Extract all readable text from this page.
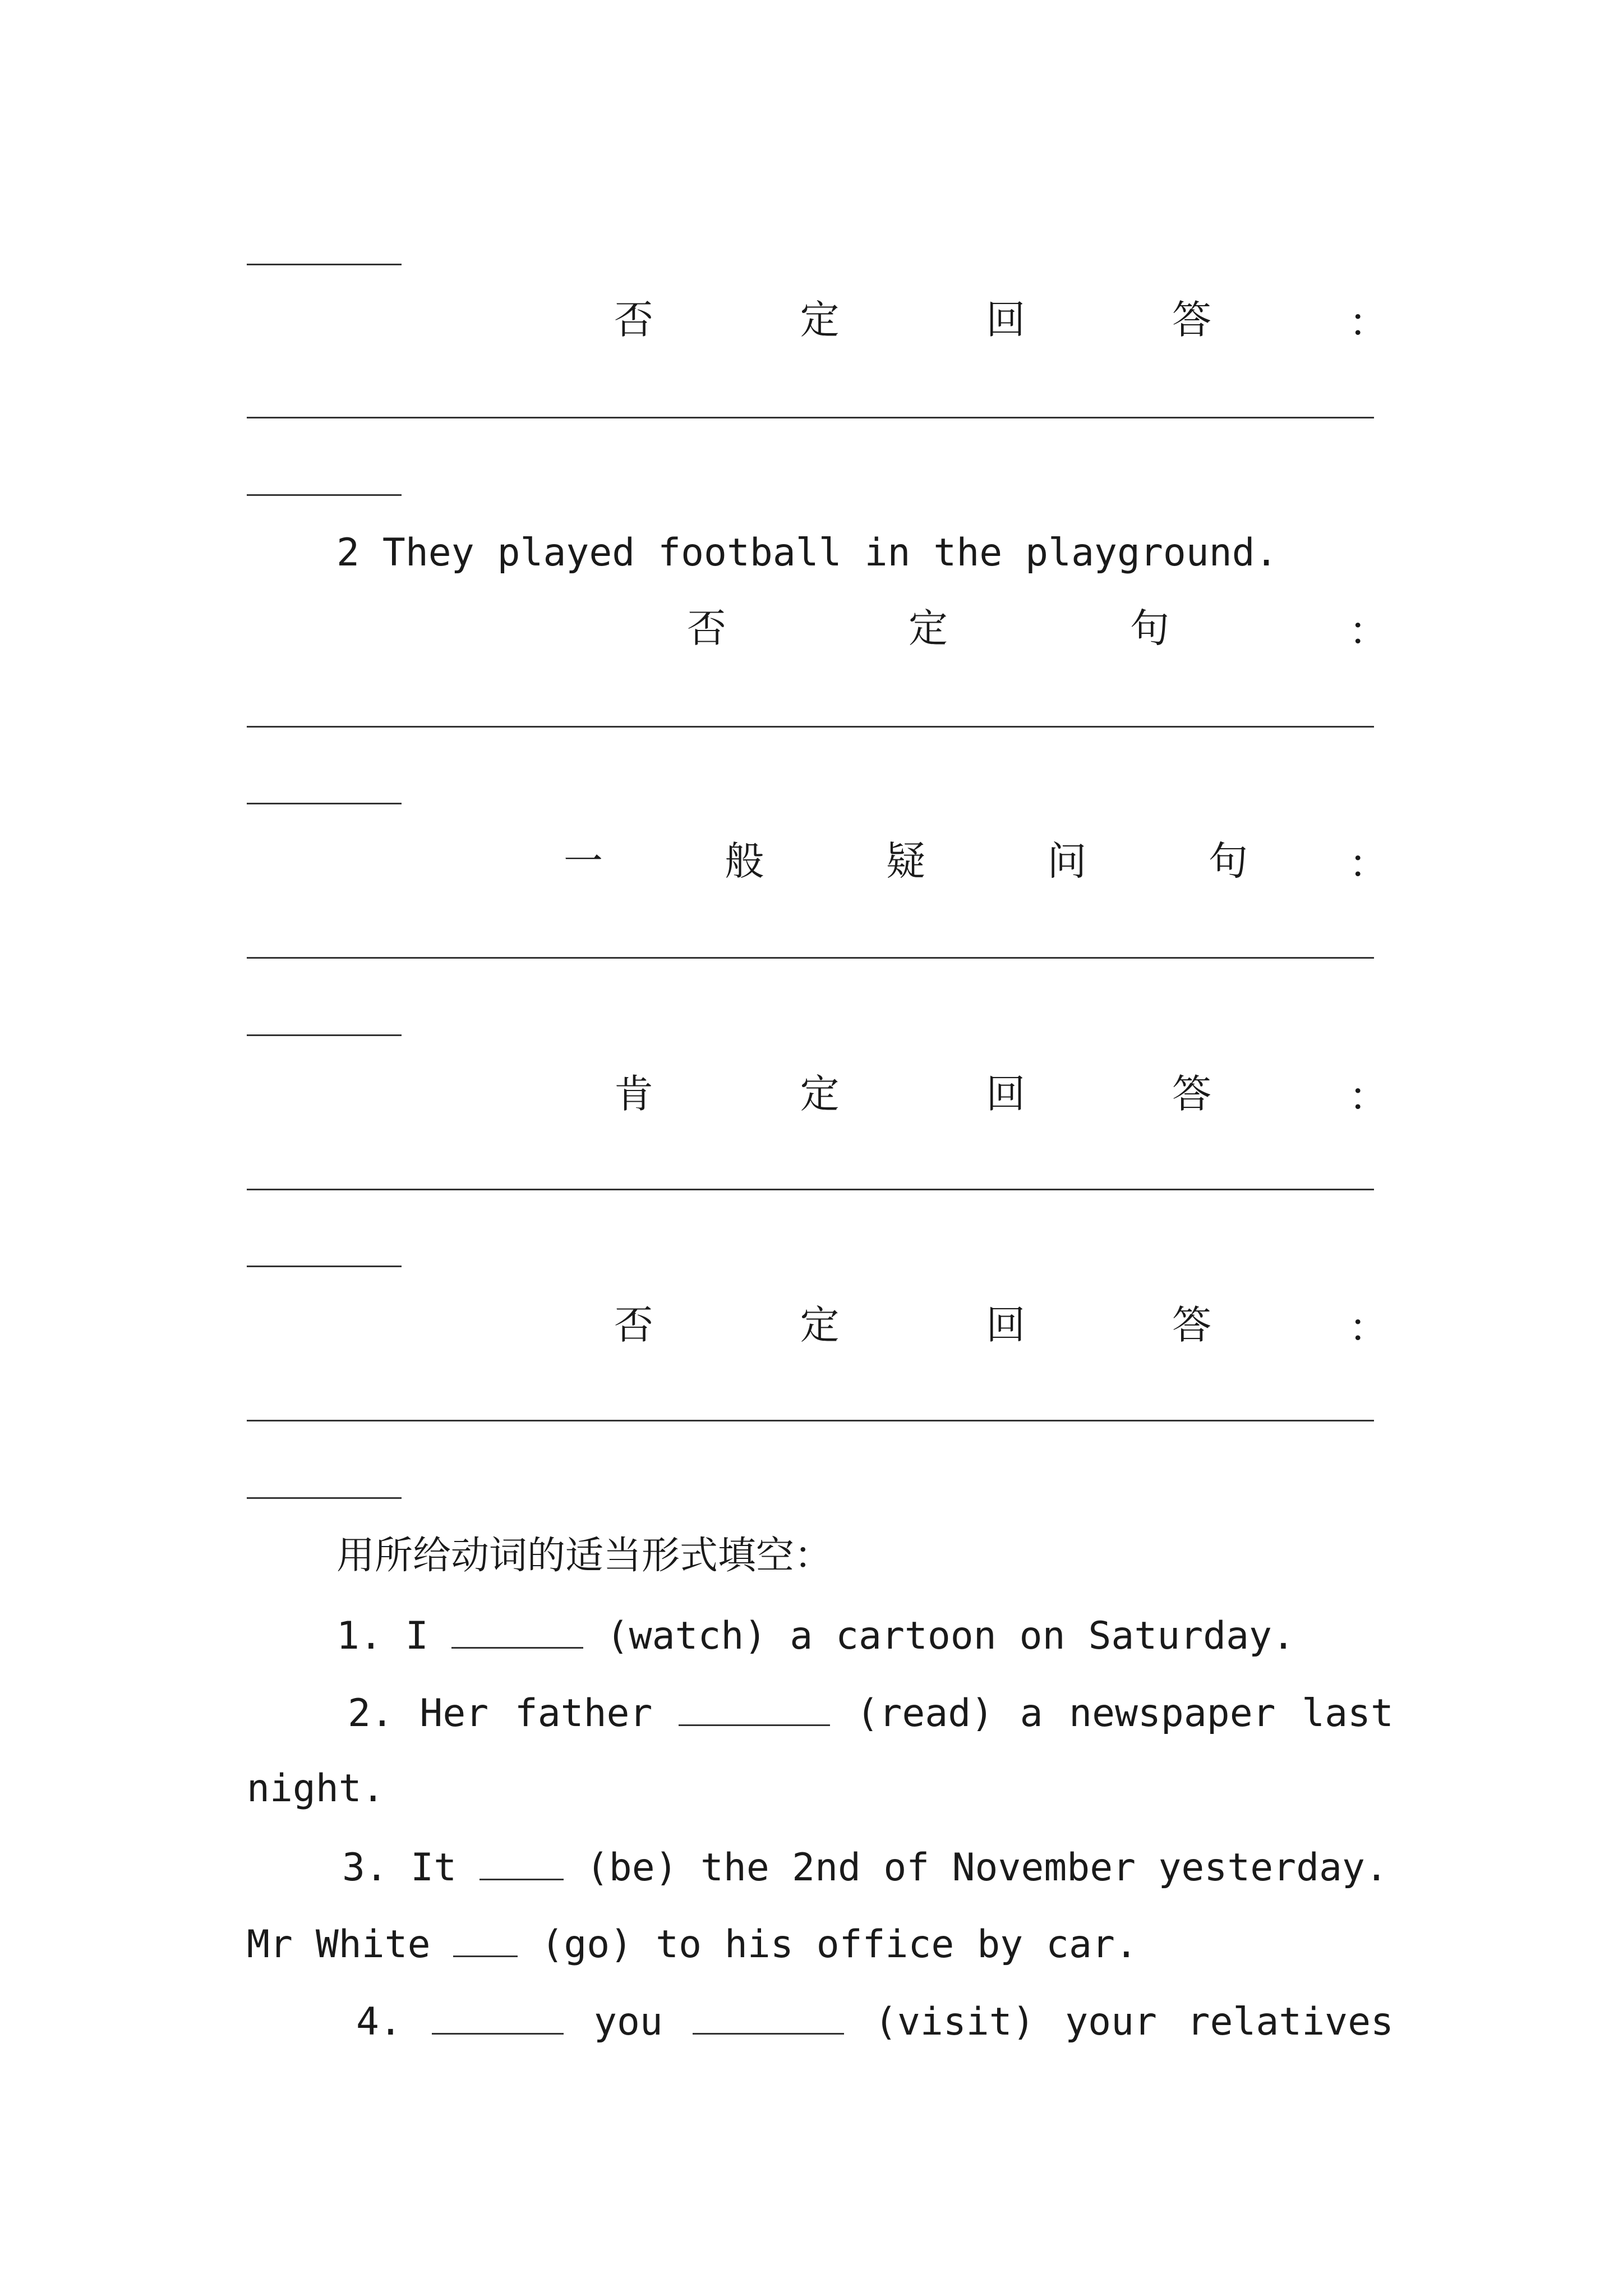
否	定	回	答	：
2 They played football in the playground.
否	定	句	：
一	般	疑	问	句	：
肯	定	回	答	：
否	定	回	答	：
用所给动词的适当形式填空：
1. I	(watch) a cartoon on Saturday.
2. Her father	(read) a newspaper last
night.
3. It	(be) the 2nd of November yesterday.
Mr White	(go) to his office by car.
4.	you	(visit) your relatives
